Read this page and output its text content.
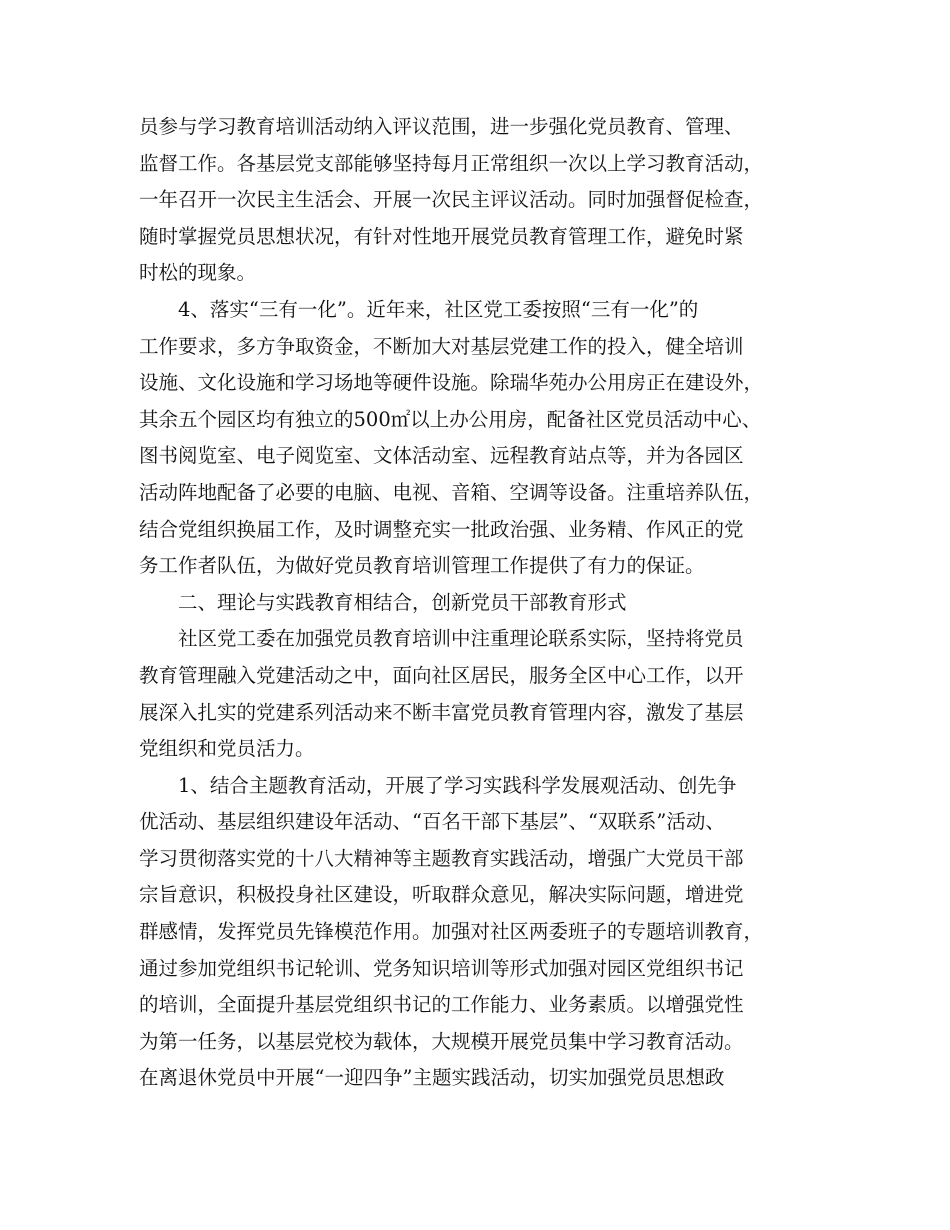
员参与学习教育培训活动纳入评议范围，进一步强化党员教育、管理、
监督工作。各基层党支部能够坚持每月正常组织一次以上学习教育活动，
一年召开一次民主生活会、开展一次民主评议活动。同时加强督促检查，
随时掌握党员思想状况，有针对性地开展党员教育管理工作，避免时紧
时松的现象。
4、落实“三有一化”。近年来，社区党工委按照“三有一化”的
工作要求，多方争取资金，不断加大对基层党建工作的投入，健全培训
设施、文化设施和学习场地等硬件设施。除瑞华苑办公用房正在建设外，
其余五个园区均有独立的500㎡以上办公用房，配备社区党员活动中心、
图书阅览室、电子阅览室、文体活动室、远程教育站点等，并为各园区
活动阵地配备了必要的电脑、电视、音箱、空调等设备。注重培养队伍，
结合党组织换届工作，及时调整充实一批政治强、业务精、作风正的党
务工作者队伍，为做好党员教育培训管理工作提供了有力的保证。
二、理论与实践教育相结合，创新党员干部教育形式
社区党工委在加强党员教育培训中注重理论联系实际，坚持将党员
教育管理融入党建活动之中，面向社区居民，服务全区中心工作，以开
展深入扎实的党建系列活动来不断丰富党员教育管理内容，激发了基层
党组织和党员活力。
1、结合主题教育活动，开展了学习实践科学发展观活动、创先争
优活动、基层组织建设年活动、“百名干部下基层”、“双联系”活动、
学习贯彻落实党的十八大精神等主题教育实践活动，增强广大党员干部
宗旨意识，积极投身社区建设，听取群众意见，解决实际问题，增进党
群感情，发挥党员先锋模范作用。加强对社区两委班子的专题培训教育，
通过参加党组织书记轮训、党务知识培训等形式加强对园区党组织书记
的培训，全面提升基层党组织书记的工作能力、业务素质。以增强党性
为第一任务，以基层党校为载体，大规模开展党员集中学习教育活动。
在离退休党员中开展“一迎四争”主题实践活动，切实加强党员思想政
